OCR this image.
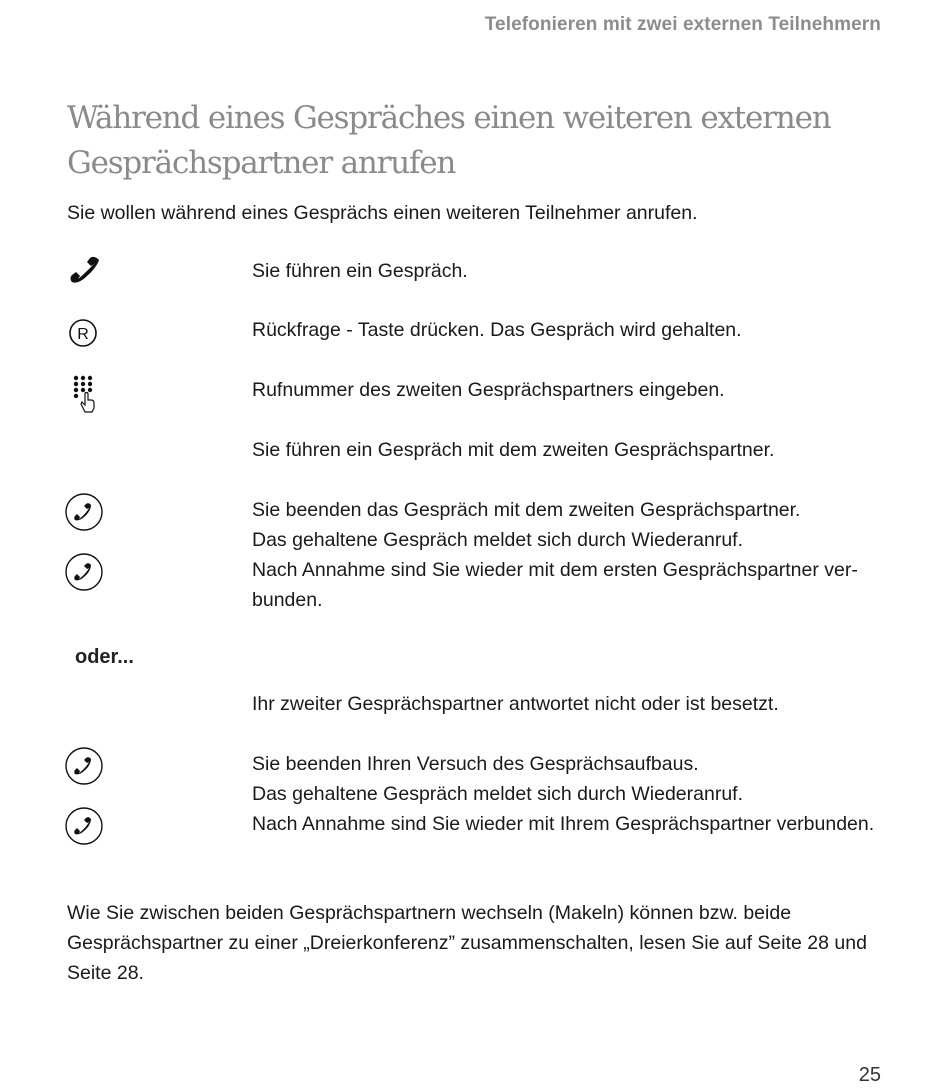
Telefonieren mit zwei externen Teilnehmern
Während eines Gespräches einen weiteren externen
Gesprächspartner anrufen

Sie wollen während eines Gesprächs einen weiteren Teilnehmer anrufen.

R

Sie führen ein Gespräch.

Rückfrage - Taste drücken. Das Gespräch wird gehalten.

Rufnummer des zweiten Gesprächspartners eingeben.

Sie führen ein Gespräch mit dem zweiten Gesprächspartner.

Sie beenden das Gespräch mit dem zweiten Gesprächspartner.

Das gehaltene Gespräch meldet sich durch Wiederanruf.

Nach Annahme sind Sie wieder mit dem ersten Gesprächspartner ver-

bunden.

oder...

Ihr zweiter Gesprächspartner antwortet nicht oder ist besetzt.

Sie beenden Ihren Versuch des Gesprächsaufbaus.

Das gehaltene Gespräch meldet sich durch Wiederanruf.

Nach Annahme sind Sie wieder mit Ihrem Gesprächspartner verbunden.

Wie Sie zwischen beiden Gesprächspartnern wechseln (Makeln) können bzw. beide
Gesprächspartner zu einer „Dreierkonferenz” zusammenschalten, lesen Sie auf Seite 28 und
Seite 28.

25
